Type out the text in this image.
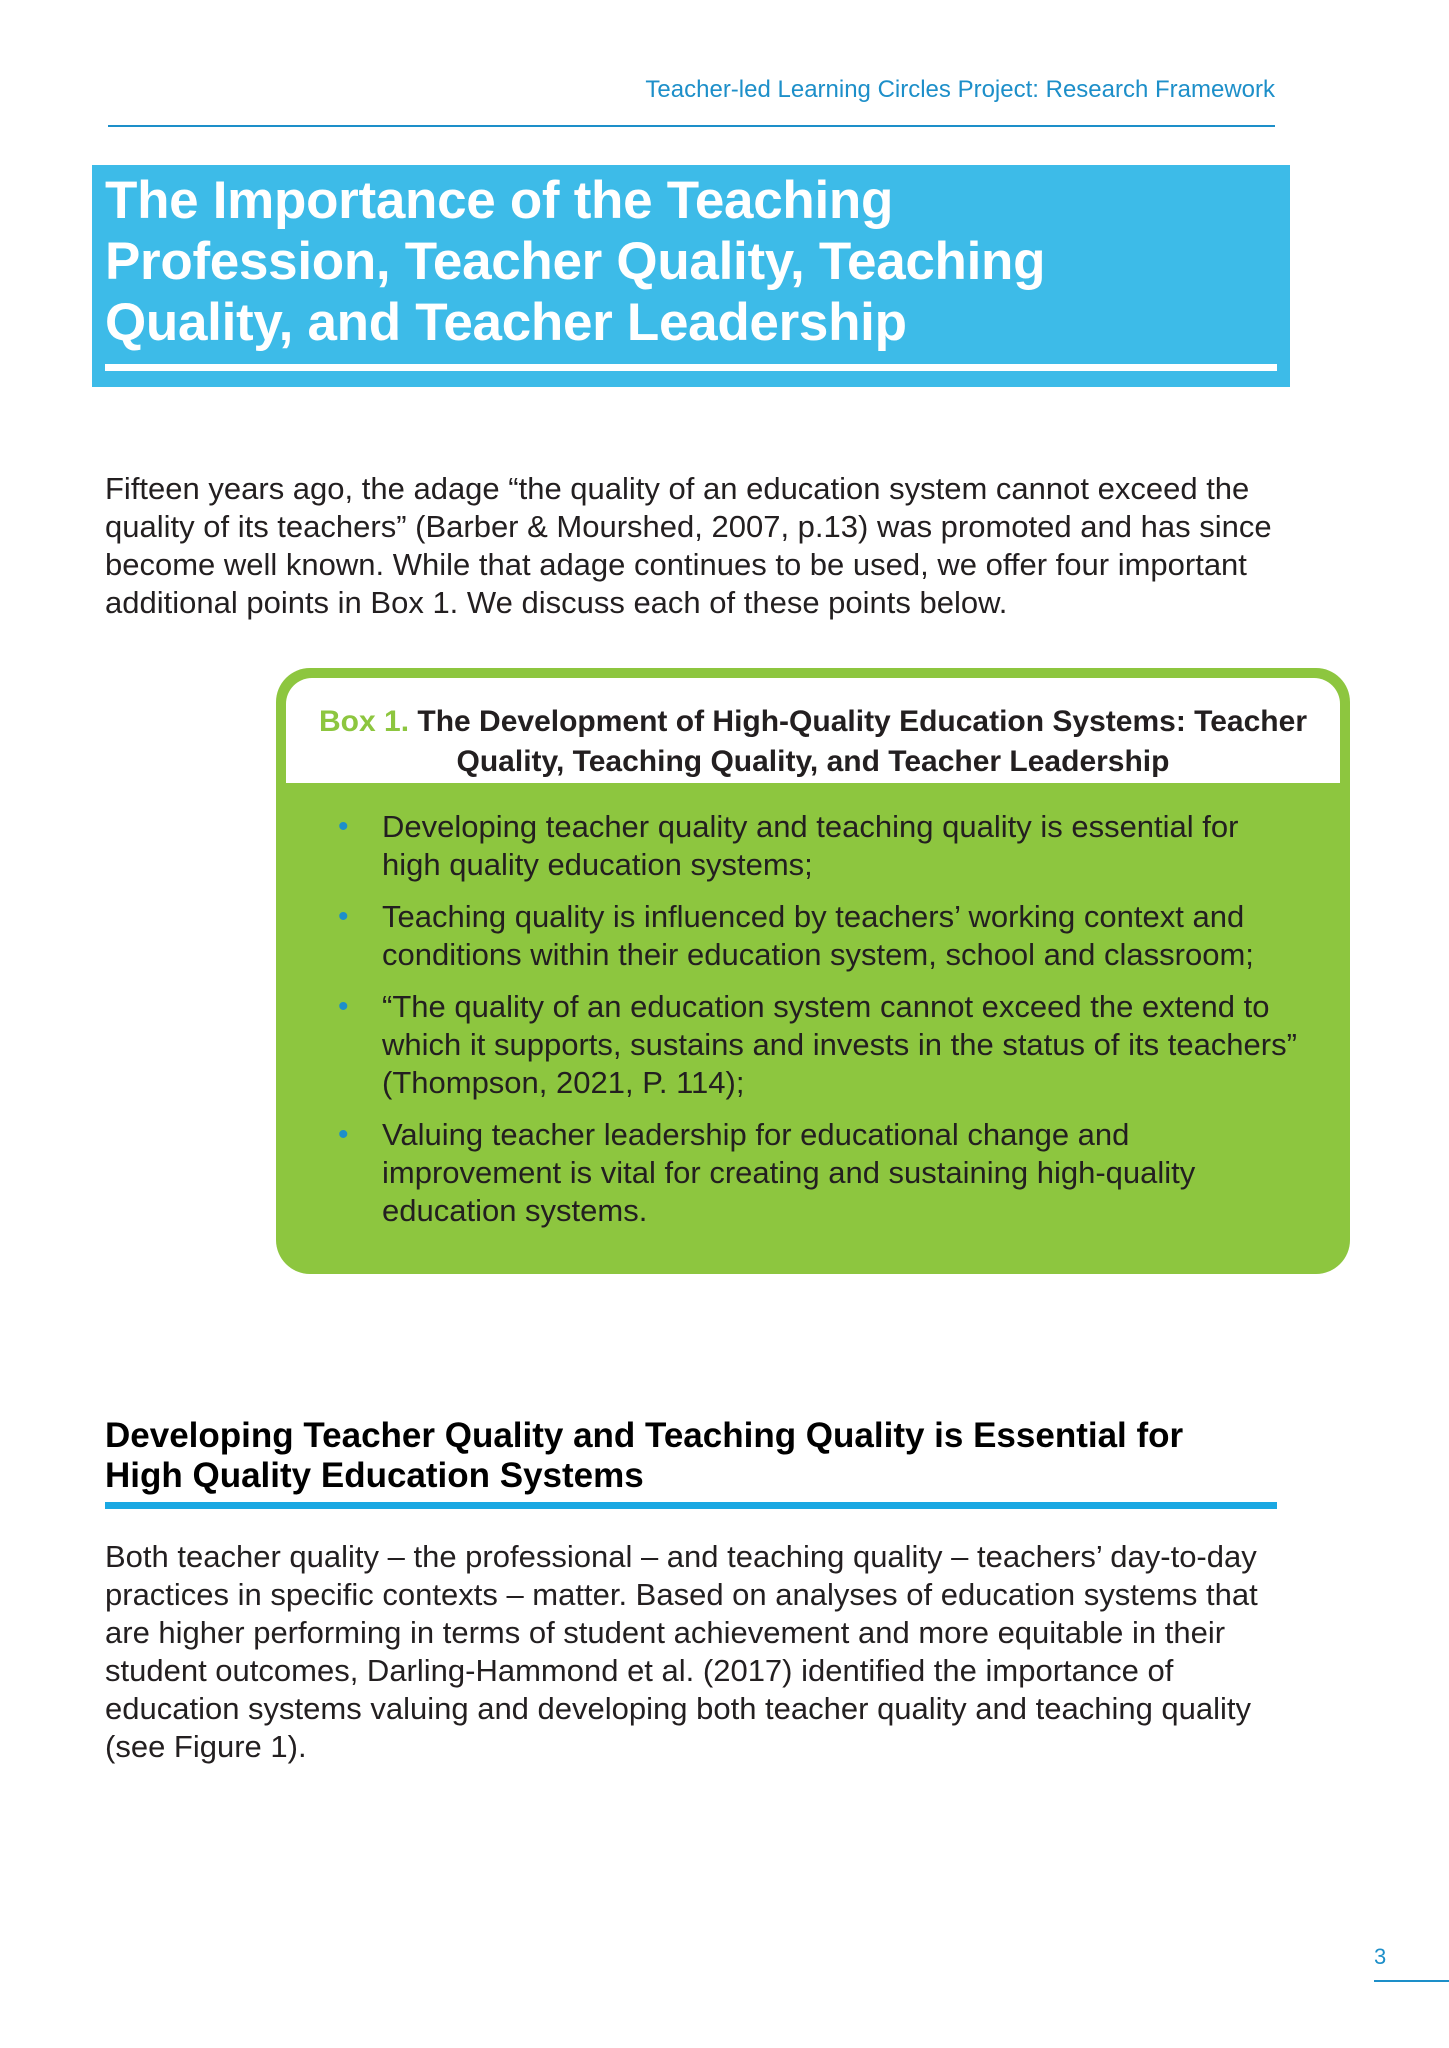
Teacher-led Learning Circles Project: Research Framework
The Importance of the Teaching Profession, Teacher Quality, Teaching Quality, and Teacher Leadership

Fifteen years ago, the adage “the quality of an education system cannot exceed the quality of its teachers” (Barber & Mourshed, 2007, p.13) was promoted and has since become well known. While that adage continues to be used, we offer four important additional points in Box 1. We discuss each of these points below.

Box 1. The Development of High-Quality Education Systems: Teacher Quality, Teaching Quality, and Teacher Leadership

• Developing teacher quality and teaching quality is essential for high quality education systems;
• Teaching quality is influenced by teachers’ working context and conditions within their education system, school and classroom;
• “The quality of an education system cannot exceed the extend to which it supports, sustains and invests in the status of its teachers” (Thompson, 2021, P. 114);
• Valuing teacher leadership for educational change and improvement is vital for creating and sustaining high-quality education systems.
Developing Teacher Quality and Teaching Quality is Essential for High Quality Education Systems

Both teacher quality – the professional – and teaching quality – teachers’ day-to-day practices in specific contexts – matter. Based on analyses of education systems that are higher performing in terms of student achievement and more equitable in their student outcomes, Darling-Hammond et al. (2017) identified the importance of education systems valuing and developing both teacher quality and teaching quality (see Figure 1).

3
